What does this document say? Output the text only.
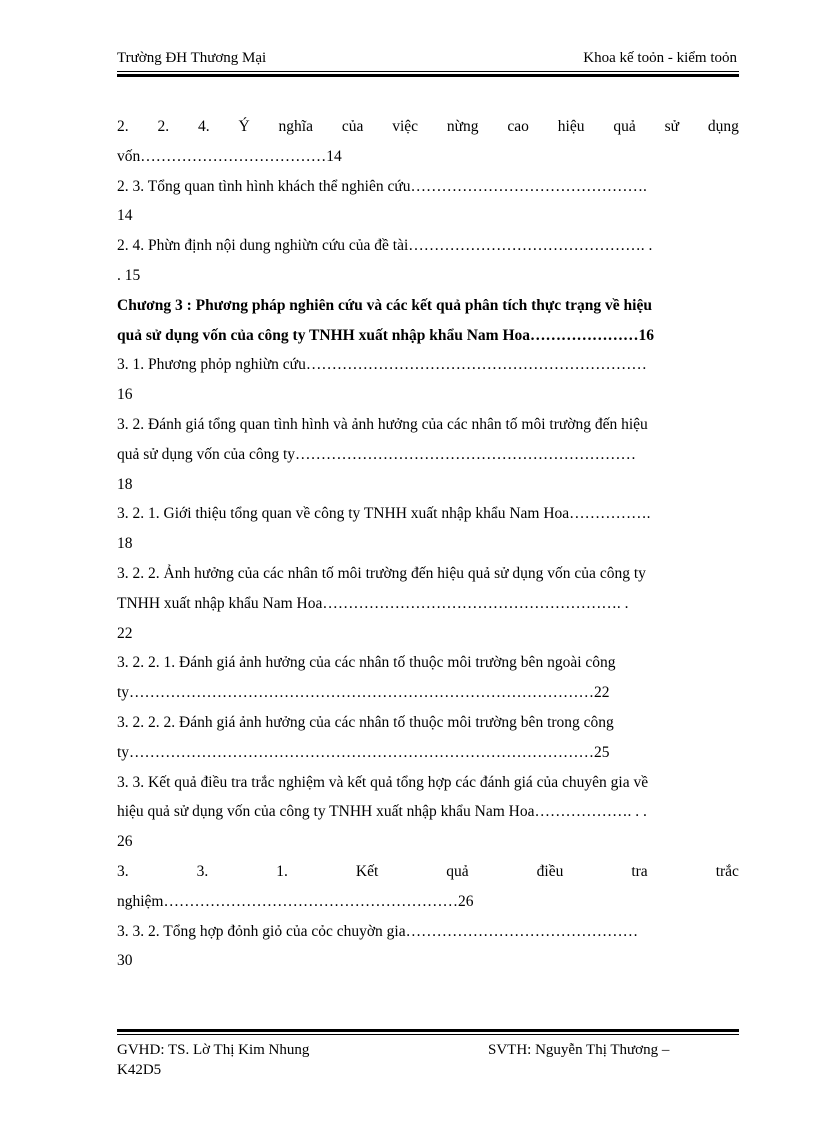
Trường ĐH Thương Mại	Khoa kế toỏn - kiểm toỏn
2. 2. 4. Ý nghĩa của việc nừng cao hiệu quả sử dụng
vốn………………………………14
2. 3. Tổng quan tình hình khách thể nghiên cứu……………………………………….
14
2. 4. Phừn định nội dung nghiừn cứu của đề tài………………………………………. .
. 15
Chương 3 : Phương pháp nghiên cứu và các kết quả phân tích thực trạng về hiệu
quả sử dụng vốn của công ty TNHH xuất nhập khẩu Nam Hoa…………………16
3. 1. Phương phỏp nghiừn cứu…………………………………………………………
16
3. 2. Đánh giá tổng quan tình hình và ảnh hưởng của các nhân tố môi trường đến hiệu
quả sử dụng vốn của công ty…………………………………………………………
18
3. 2. 1. Giới thiệu tổng quan về công ty TNHH xuất nhập khẩu Nam Hoa…………….
18
3. 2. 2. Ảnh hưởng của các nhân tố môi trường đến hiệu quả sử dụng vốn của công ty
TNHH xuất nhập khẩu Nam Hoa…………………………………………………. .
22
3. 2. 2. 1. Đánh giá ảnh hưởng của các nhân tố thuộc môi trường bên ngoài công
ty………………………………………………………………………………22
3. 2. 2. 2. Đánh giá ảnh hưởng của các nhân tố thuộc môi trường bên trong công
ty………………………………………………………………………………25
3. 3. Kết quả điều tra trắc nghiệm và kết quả tổng hợp các đánh giá của chuyên gia về
hiệu quả sử dụng vốn của công ty TNHH xuất nhập khẩu Nam Hoa………………. . .
26
3.	3.	1.	Kết	quả	điều	tra	trắc
nghiệm…………………………………………………26
3. 3. 2. Tổng hợp đỏnh giỏ của cỏc chuyờn gia………………………………………
30
GVHD: TS. Lờ Thị Kim Nhung	SVTH: Nguyễn Thị Thương –
K42D5
